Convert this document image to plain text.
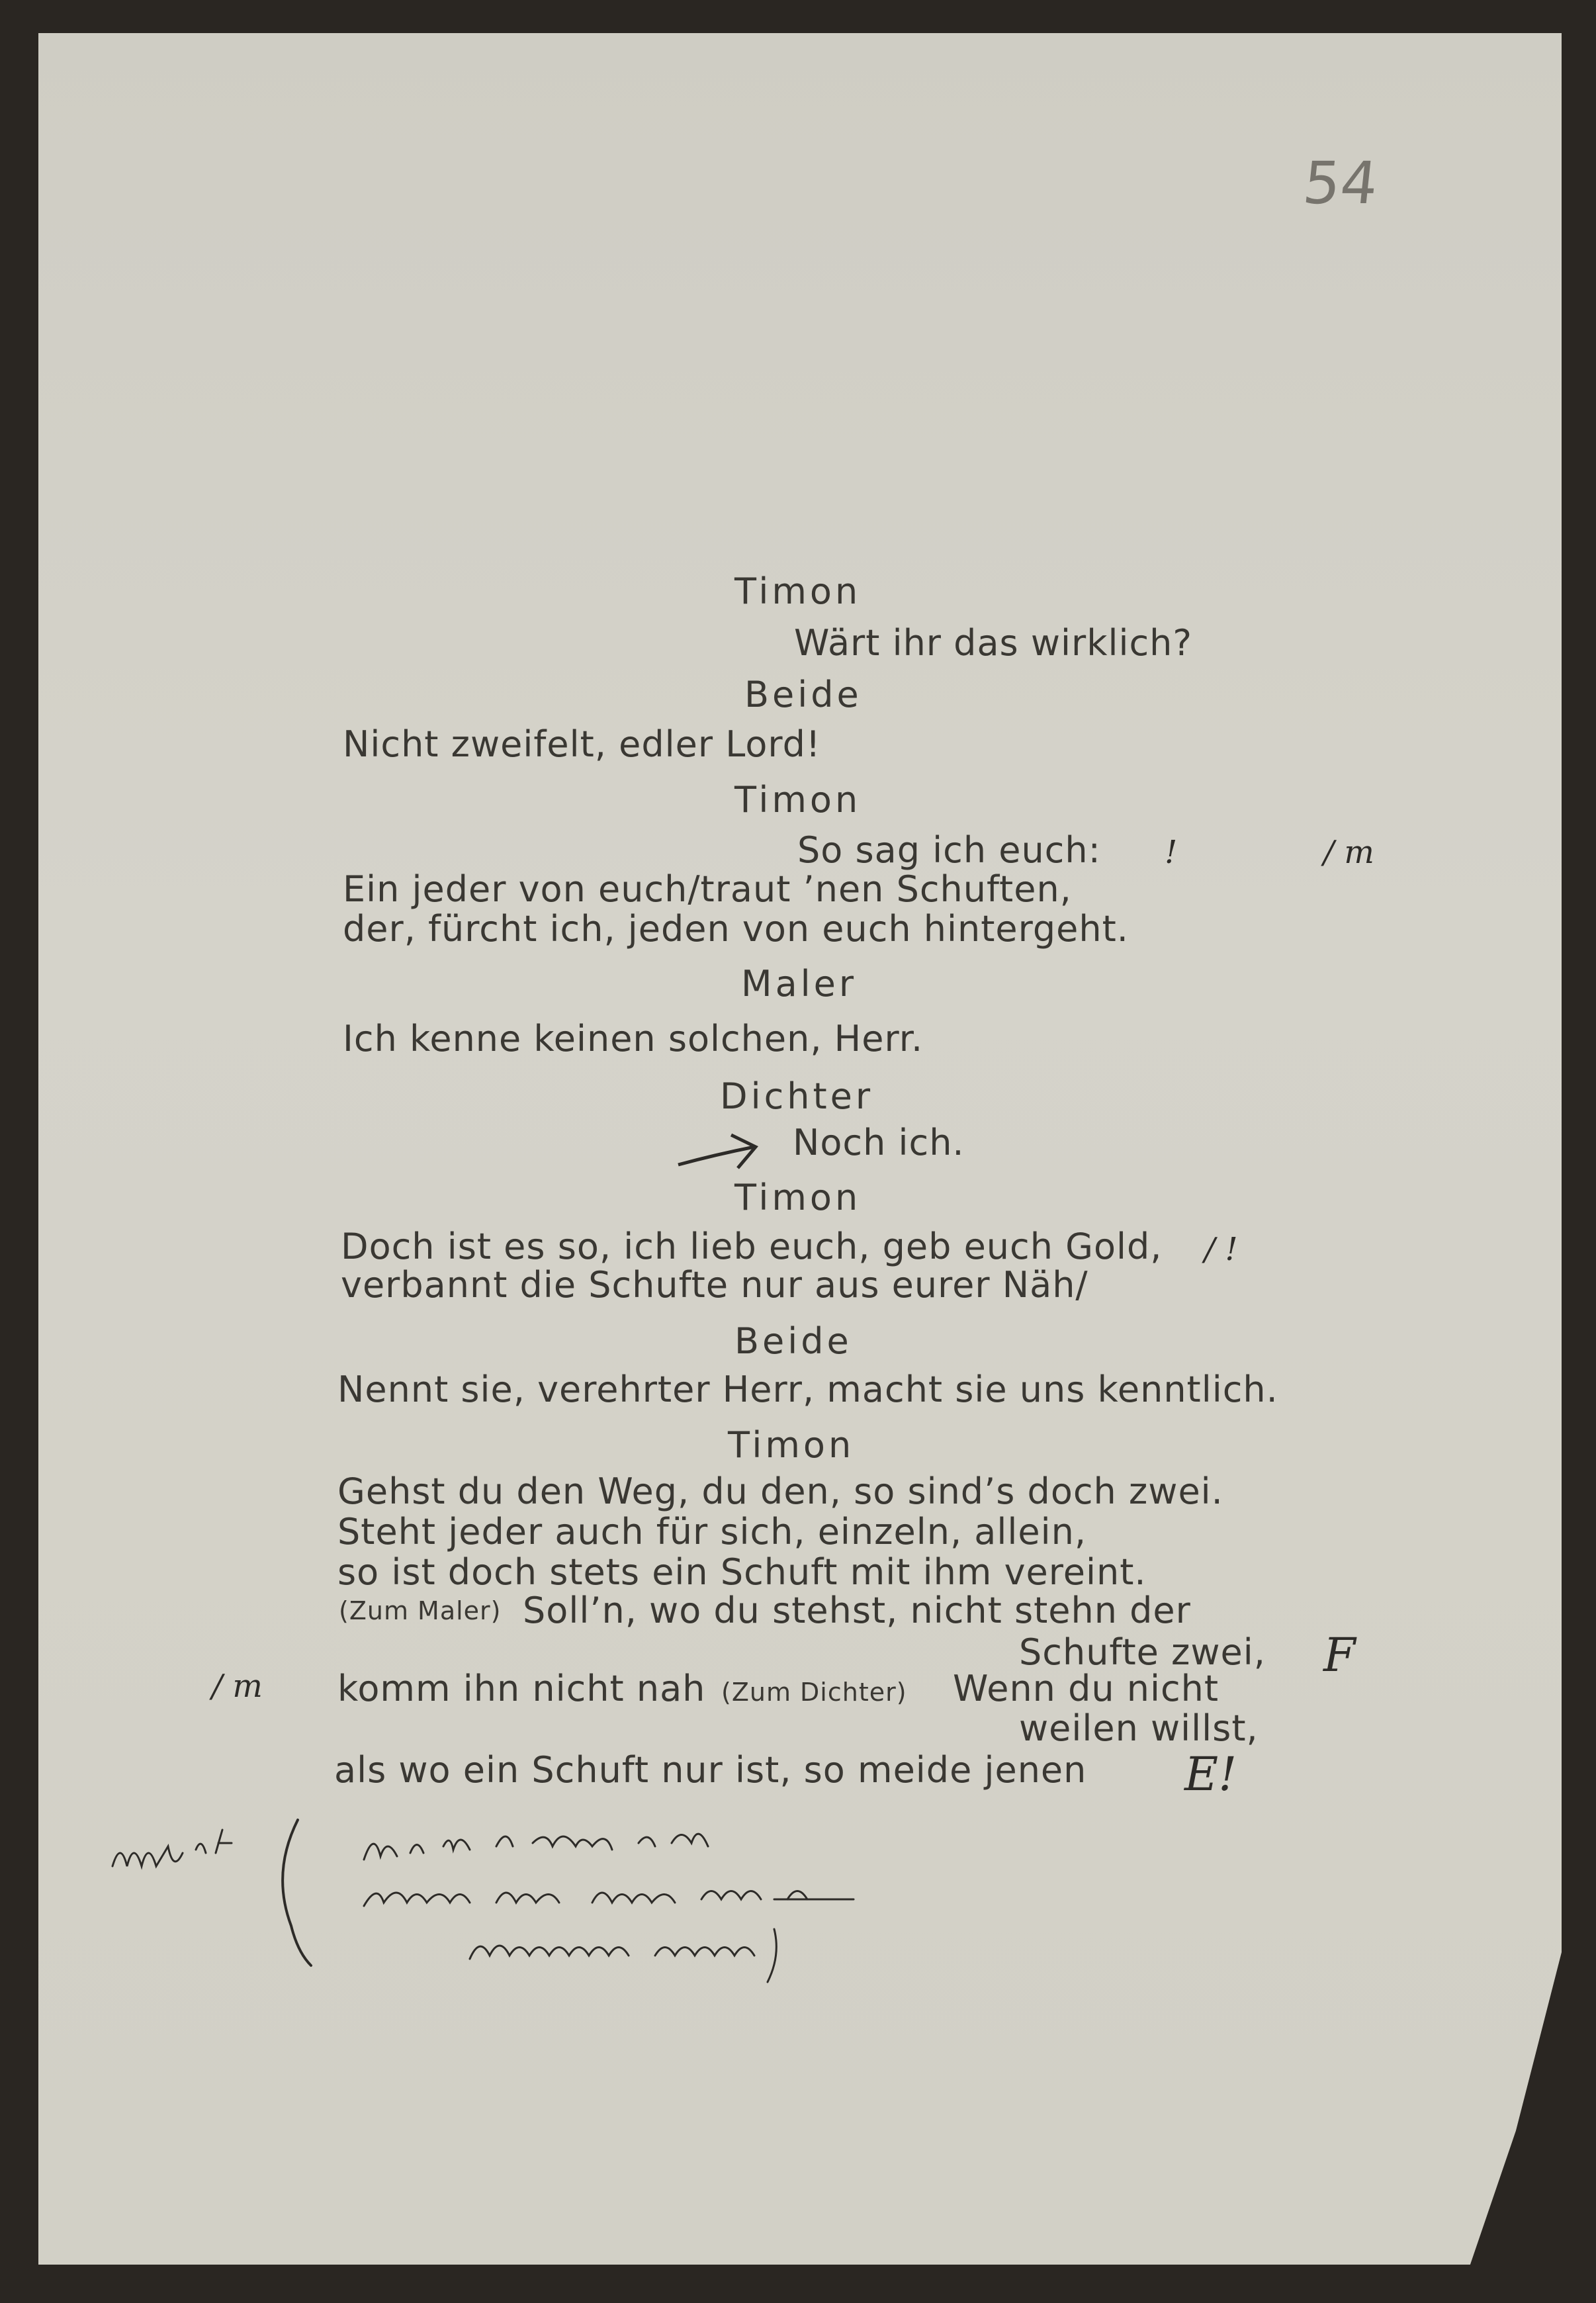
54
Timon
Wärt ihr das wirklich?
Beide
Nicht zweifelt, edler Lord!
Timon
So sag ich euch:
Ein jeder von euch/traut ’nen Schuften,
der, fürcht ich, jeden von euch hintergeht.
Maler
Ich kenne keinen solchen, Herr.
Dichter
Noch ich.
Timon
Doch ist es so, ich lieb euch, geb euch Gold,
verbannt die Schufte nur aus eurer Näh/
Beide
Nennt sie, verehrter Herr, macht sie uns kenntlich.
Timon
Gehst du den Weg, du den, so sind’s doch zwei.
Steht jeder auch für sich, einzeln, allein,
so ist doch stets ein Schuft mit ihm vereint.
(Zum Maler) Soll’n, wo du stehst, nicht stehn der
Schufte zwei,
komm ihn nicht nah (Zum Dichter) Wenn du nicht
weilen willst,
als wo ein Schuft nur ist, so meide jenen
!	/ m
/ !
/ m
F
E!
